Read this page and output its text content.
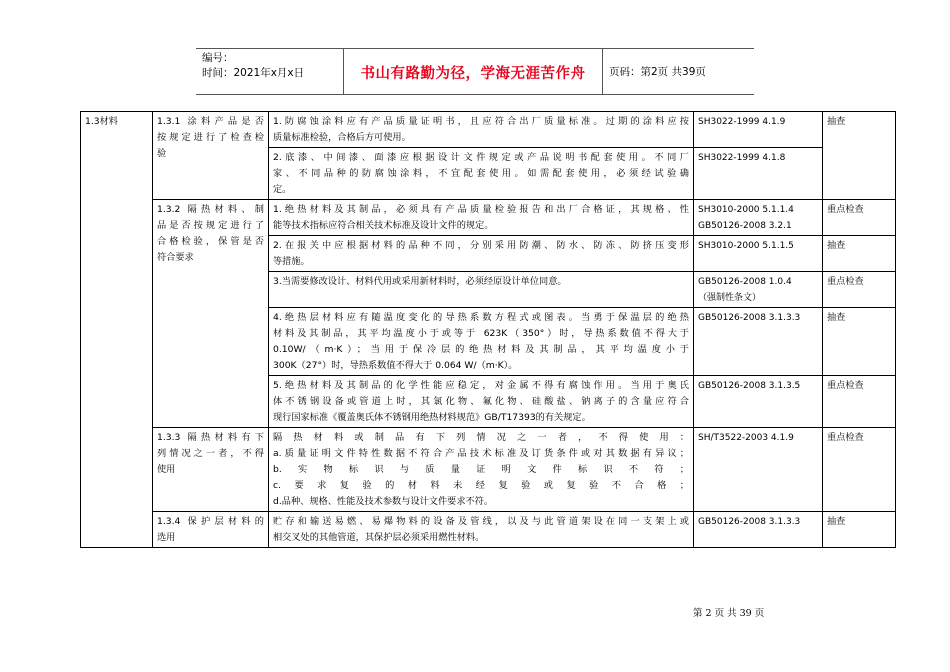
编号：
时间：2021年x月x日	书山有路勤为径，学海无涯苦作舟	页码：第2页 共39页
1.3材料	1.3.1 涂料产品是否
按规定进行了检查检
验	1.防腐蚀涂料应有产品质量证明书，且应符合出厂质量标准。过期的涂料应按
质量标准检验，合格后方可使用。	SH3022-1999 4.1.9	抽查

		2.底漆、中间漆、面漆应根据设计文件规定或产品说明书配套使用。不同厂
家、不同品种的防腐蚀涂料，不宜配套使用。如需配套使用，必须经试验确
定。	SH3022-1999 4.1.8	

	1.3.2 隔热材料、制
品是否按规定进行了
合格检验，保管是否
符合要求	1.绝热材料及其制品，必须具有产品质量检验报告和出厂合格证，其规格、性
能等技术指标应符合相关技术标准及设计文件的规定。	SH3010-2000 5.1.1.4
GB50126-2008 3.2.1	重点检查

		2.在报关中应根据材料的品种不同，分别采用防潮、防水、防冻、防挤压变形
等措施。	SH3010-2000 5.1.1.5	抽查

		3.当需要修改设计、材料代用或采用新材料时，必须经原设计单位同意。	GB50126-2008 1.0.4
（强制性条文）	重点检查

		4.绝热层材料应有随温度变化的导热系数方程式或图表。当勇于保温层的绝热
材料及其制品，其平均温度小于或等于 623K（350°）时，导热系数值不得大于
0.10W/（m·K）；当用于保冷层的绝热材料及其制品，其平均温度小于
300K（27°）时，导热系数值不得大于 0.064 W/（m·K）。	GB50126-2008 3.1.3.3	抽查

		5.绝热材料及其制品的化学性能应稳定，对金属不得有腐蚀作用。当用于奥氏
体不锈钢设备或管道上时，其氯化物、氟化物、硅酸盐、钠离子的含量应符合
现行国家标准《覆盖奥氏体不锈钢用绝热材料规范》GB/T17393的有关规定。	GB50126-2008 3.1.3.5	重点检查

	1.3.3 隔热材料有下
列情况之一者，不得
使用	隔热材料或制品有下列情况之一者，不得使用：
a.质量证明文件特性数据不符合产品技术标准及订货条件或对其数据有异议；
b.实物标识与质量证明文件标识不符；
c.要求复验的材料未经复验或复验不合格；
d.品种、规格、性能及技术参数与设计文件要求不符。	SH/T3522-2003 4.1.9	重点检查

	1.3.4 保护层材料的
选用	贮存和输送易燃、易爆物料的设备及管线，以及与此管道架设在同一支架上或
相交叉处的其他管道，其保护层必须采用燃性材料。	GB50126-2008 3.1.3.3	抽查
第 2 页 共 39 页
